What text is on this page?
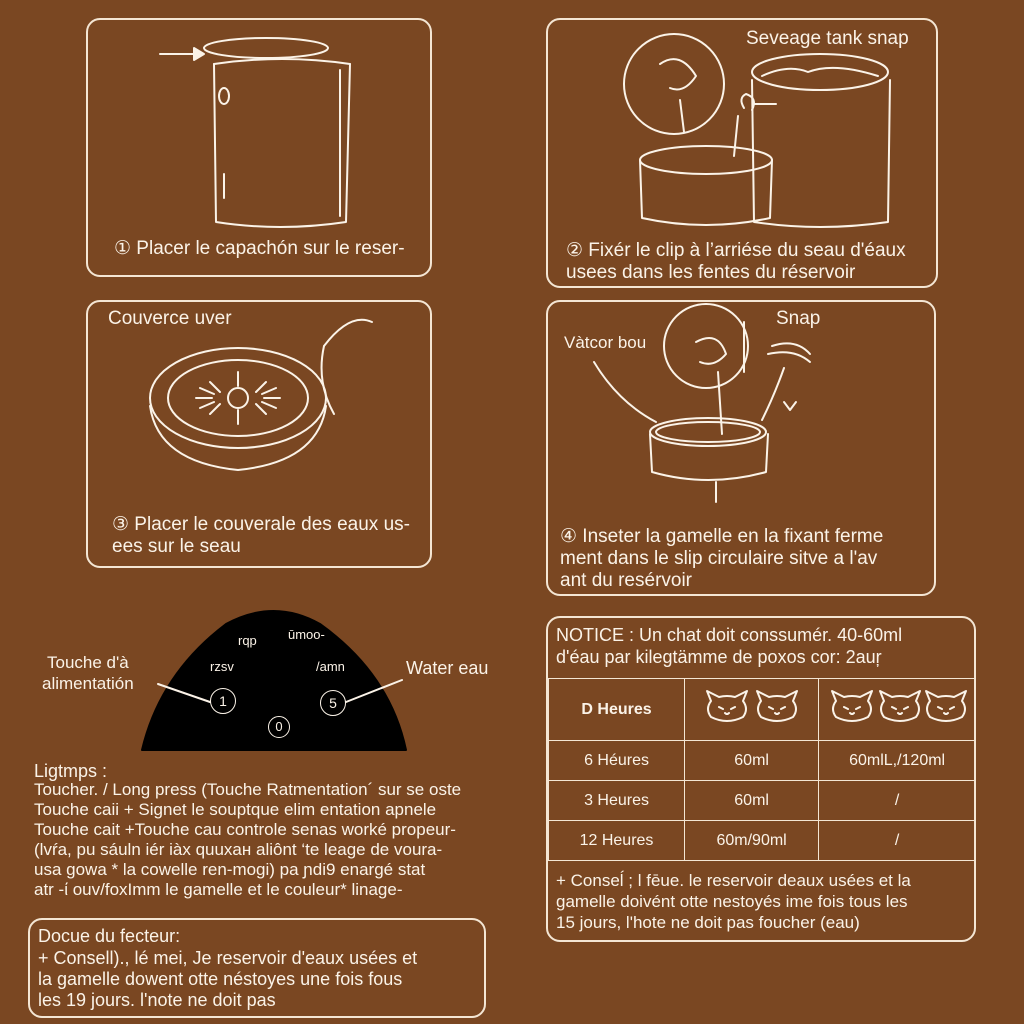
① Placer le capachón sur le reser-
Seveage tank snap
② Fixér le clip à l’arriése du seau d'éaux
usees dans les fentes du réservoir
Couverce uver
③ Placer le couverale des eaux us-
ees sur le seau
Snap
Vàtcor bou
④ Inseter la gamelle en la fixant ferme
ment dans le slip circulaire sitve a l'av
ant du resérvoir
rqp ūmoo-
rzsv	/amn
1	5
0
Touche d'à
alimentatión
Water eau
Ligtmps :
Toucher. / Long press (Touche Ratmentation´ sur se oste
Touche caii + Signet le souptque elim entation apnele
Touche cait +Touche cau controle senas worké propeur-
(lvŕa, pu sáuln iér iàx quuxaн aliônt ‘te leage de voura-
usa gowa * la cowelle ren-mogi) pa ɲdi9 enargé stat
atr -ί ouv/foxImm le gamelle et le couleur* linage-
Docue du fecteur:
+ Consell)., lé mei, Je reservoir d'eaux usées et
la gamelle dowent otte néstoyes une fois fous
les 19 jours. l'note ne doit pas
NOTICE : Un chat doit conssumér. 40-60ml
d'éau par kilegtämme de poxos cor: 2auŗ
D Heures		
6 Héures	60ml	60mlL,/120ml
3 Heures	60ml	/
12 Heures	60m/90ml	/
+ Conseĺ ; l fēue. le reservoir deaux usées et la
gamelle doivént otte nestoyés ime fois tous les
15 jours, l'hote ne doit pas foucher (eau)
